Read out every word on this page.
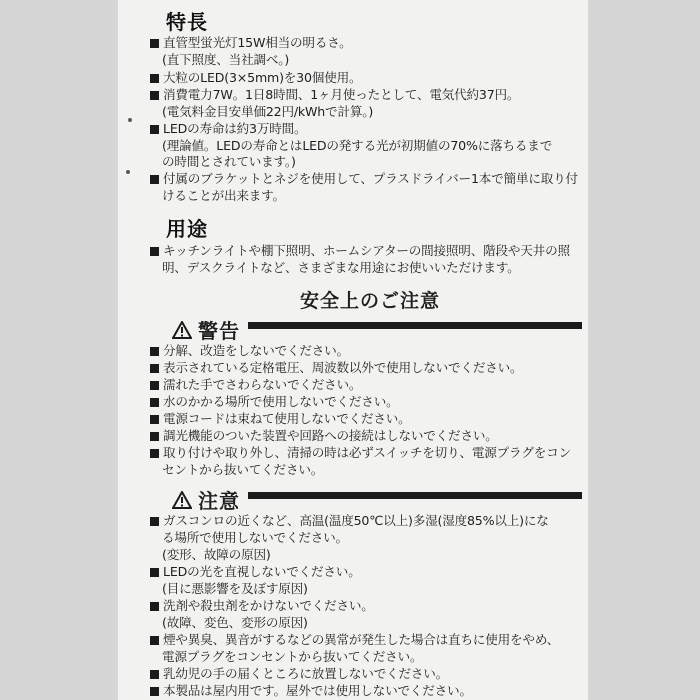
特長
直管型蛍光灯15W相当の明るさ。
(直下照度、当社調べ。)
大粒のLED(3×5mm)を30個使用。
消費電力7W。1日8時間、1ヶ月使ったとして、電気代約37円。
(電気料金目安単価22円/kWhで計算。)
LEDの寿命は約3万時間。
(理論値。LEDの寿命とはLEDの発する光が初期値の70%に落ちるまで
の時間とされています。)
付属のブラケットとネジを使用して、プラスドライバー1本で簡単に取り付
けることが出来ます。
用途
キッチンライトや棚下照明、ホームシアターの間接照明、階段や天井の照
明、デスクライトなど、さまざまな用途にお使いいただけます。
安全上のご注意
警告
分解、改造をしないでください。
表示されている定格電圧、周波数以外で使用しないでください。
濡れた手でさわらないでください。
水のかかる場所で使用しないでください。
電源コードは束ねて使用しないでください。
調光機能のついた装置や回路への接続はしないでください。
取り付けや取り外し、清掃の時は必ずスイッチを切り、電源プラグをコン
セントから抜いてください。
注意
ガスコンロの近くなど、高温(温度50℃以上)多湿(湿度85%以上)にな
る場所で使用しないでください。
(変形、故障の原因)
LEDの光を直視しないでください。
(目に悪影響を及ぼす原因)
洗剤や殺虫剤をかけないでください。
(故障、変色、変形の原因)
煙や異臭、異音がするなどの異常が発生した場合は直ちに使用をやめ、
電源プラグをコンセントから抜いてください。
乳幼児の手の届くところに放置しないでください。
本製品は屋内用です。屋外では使用しないでください。
